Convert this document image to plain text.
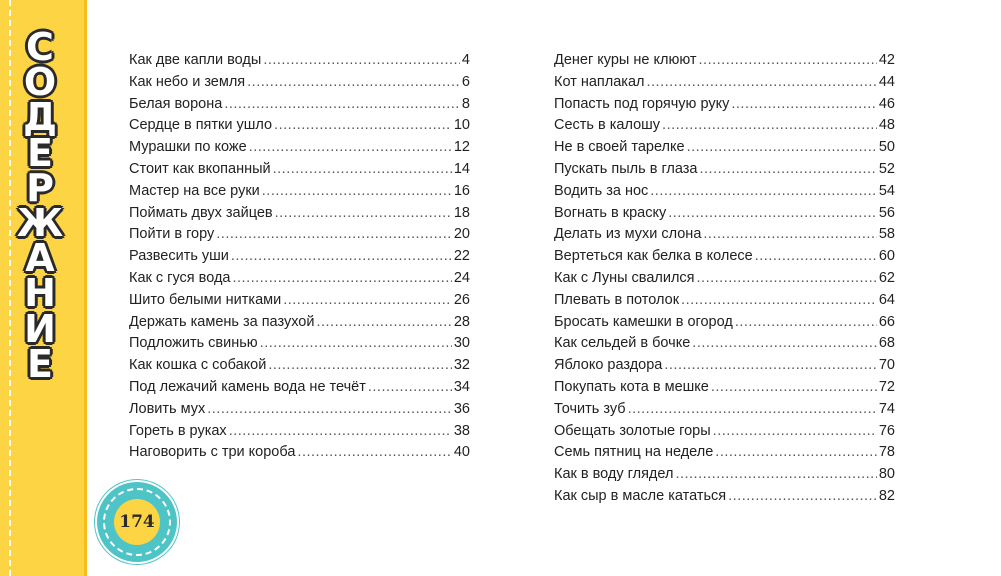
С
О
Д
Е
Р
Ж
А
Н
И
Е
174
Как две капли воды .....	4
Как небо и земля .....	6
Белая ворона .....	8
Сердце в пятки ушло .....	10
Мурашки по коже .....	12
Стоит как вкопанный .....	14
Мастер на все руки .....	16
Поймать двух зайцев .....	18
Пойти в гору .....	20
Развесить уши .....	22
Как с гуся вода .....	24
Шито белыми нитками .....	26
Держать камень за пазухой .....	28
Подложить свинью .....	30
Как кошка с собакой .....	32
Под лежачий камень вода не течёт .....	34
Ловить мух .....	36
Гореть в руках .....	38
Наговорить с три короба .....	40
Денег куры не клюют .....	42
Кот наплакал .....	44
Попасть под горячую руку .....	46
Сесть в калошу .....	48
Не в своей тарелке .....	50
Пускать пыль в глаза .....	52
Водить за нос .....	54
Вогнать в краску .....	56
Делать из мухи слона .....	58
Вертеться как белка в колесе .....	60
Как с Луны свалился .....	62
Плевать в потолок .....	64
Бросать камешки в огород .....	66
Как сельдей в бочке .....	68
Яблоко раздора .....	70
Покупать кота в мешке .....	72
Точить зуб .....	74
Обещать золотые горы .....	76
Семь пятниц на неделе .....	78
Как в воду глядел .....	80
Как сыр в масле кататься .....	82
